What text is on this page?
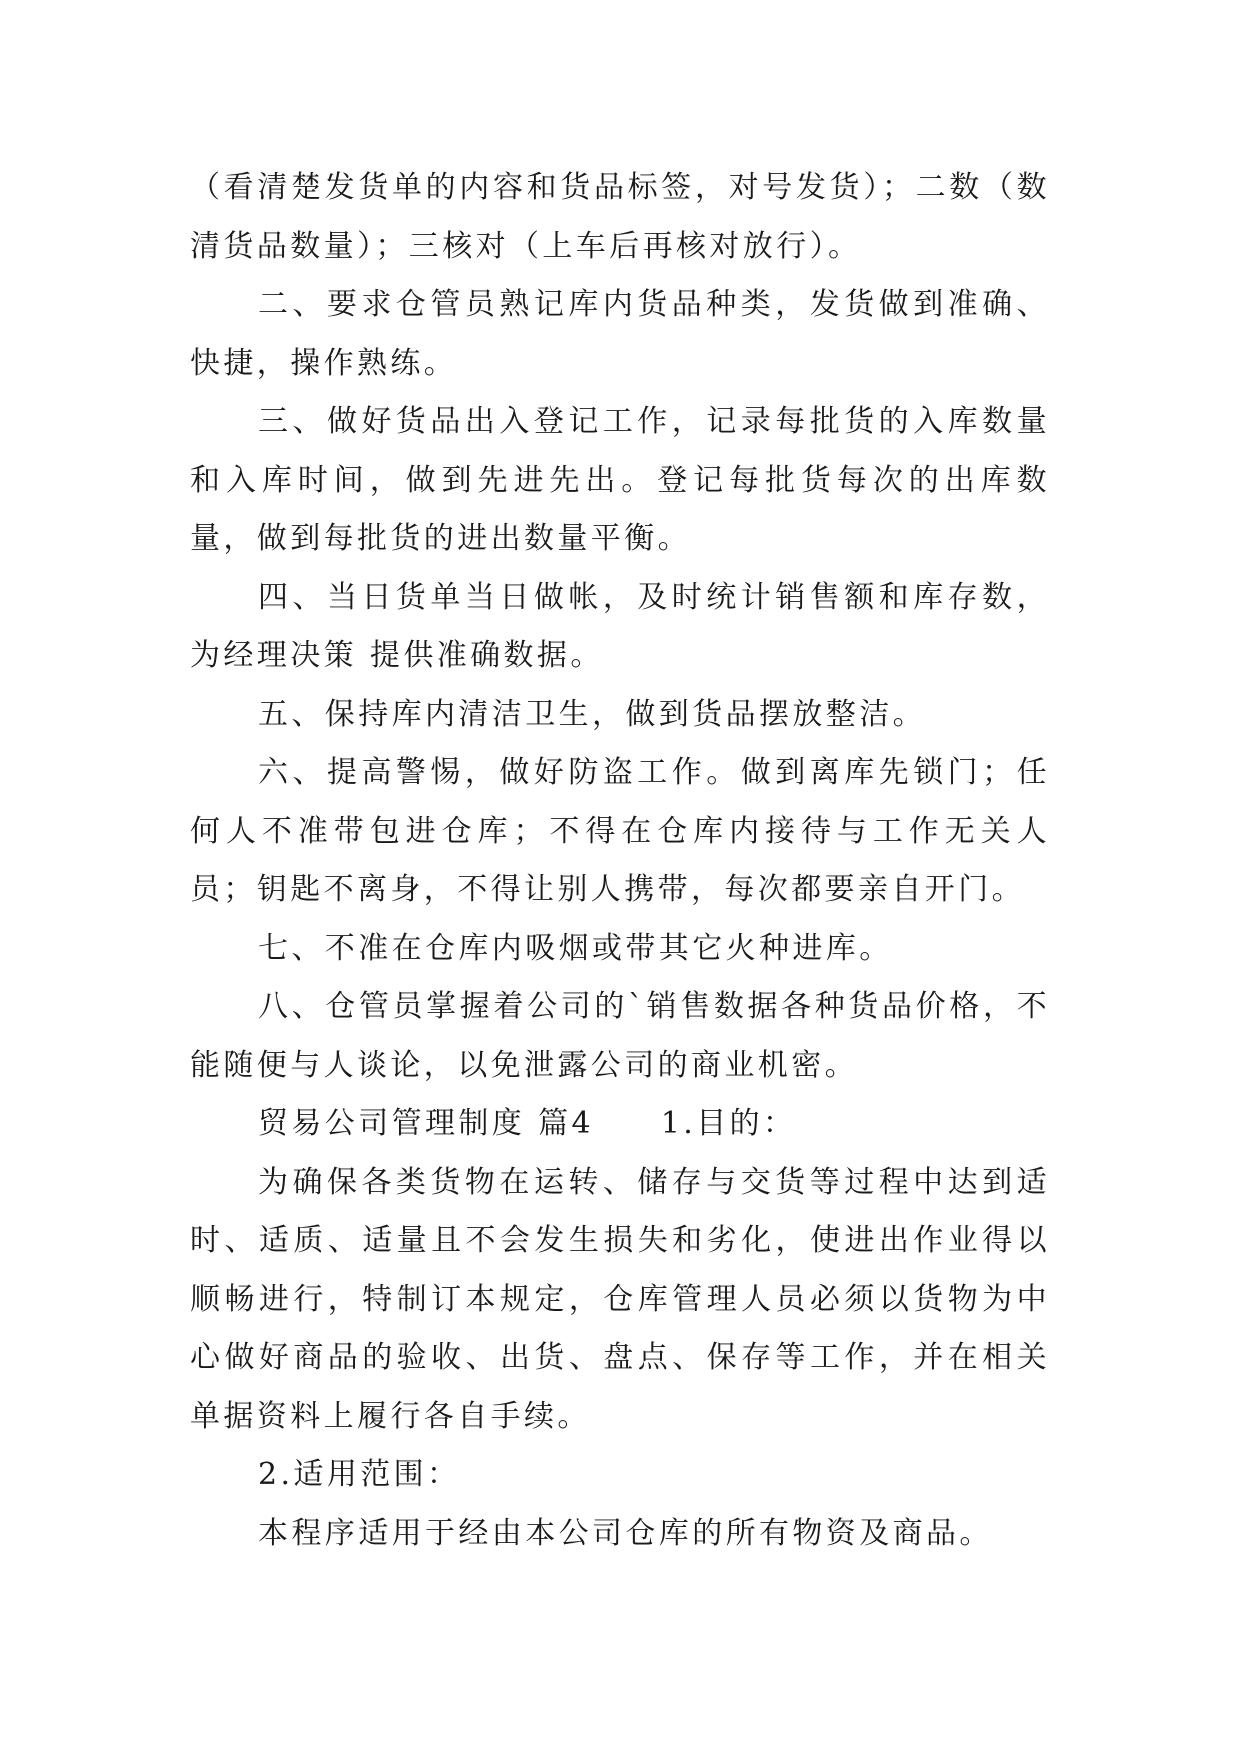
（看清楚发货单的内容和货品标签，对号发货）；二数（数清货品数量）；三核对（上车后再核对放行）。

二、要求仓管员熟记库内货品种类，发货做到准确、快捷，操作熟练。

三、做好货品出入登记工作，记录每批货的入库数量和入库时间，做到先进先出。登记每批货每次的出库数量，做到每批货的进出数量平衡。

四、当日货单当日做帐，及时统计销售额和库存数，为经理决策 提供准确数据。

五、保持库内清洁卫生，做到货品摆放整洁。

六、提高警惕，做好防盗工作。做到离库先锁门；任何人不准带包进仓库；不得在仓库内接待与工作无关人员；钥匙不离身，不得让别人携带，每次都要亲自开门。

七、不准在仓库内吸烟或带其它火种进库。

八、仓管员掌握着公司的`销售数据各种货品价格，不能随便与人谈论，以免泄露公司的商业机密。

贸易公司管理制度 篇4　　1.目的：

为确保各类货物在运转、储存与交货等过程中达到适时、适质、适量且不会发生损失和劣化，使进出作业得以顺畅进行，特制订本规定，仓库管理人员必须以货物为中心做好商品的验收、出货、盘点、保存等工作，并在相关单据资料上履行各自手续。

2.适用范围：

本程序适用于经由本公司仓库的所有物资及商品。
